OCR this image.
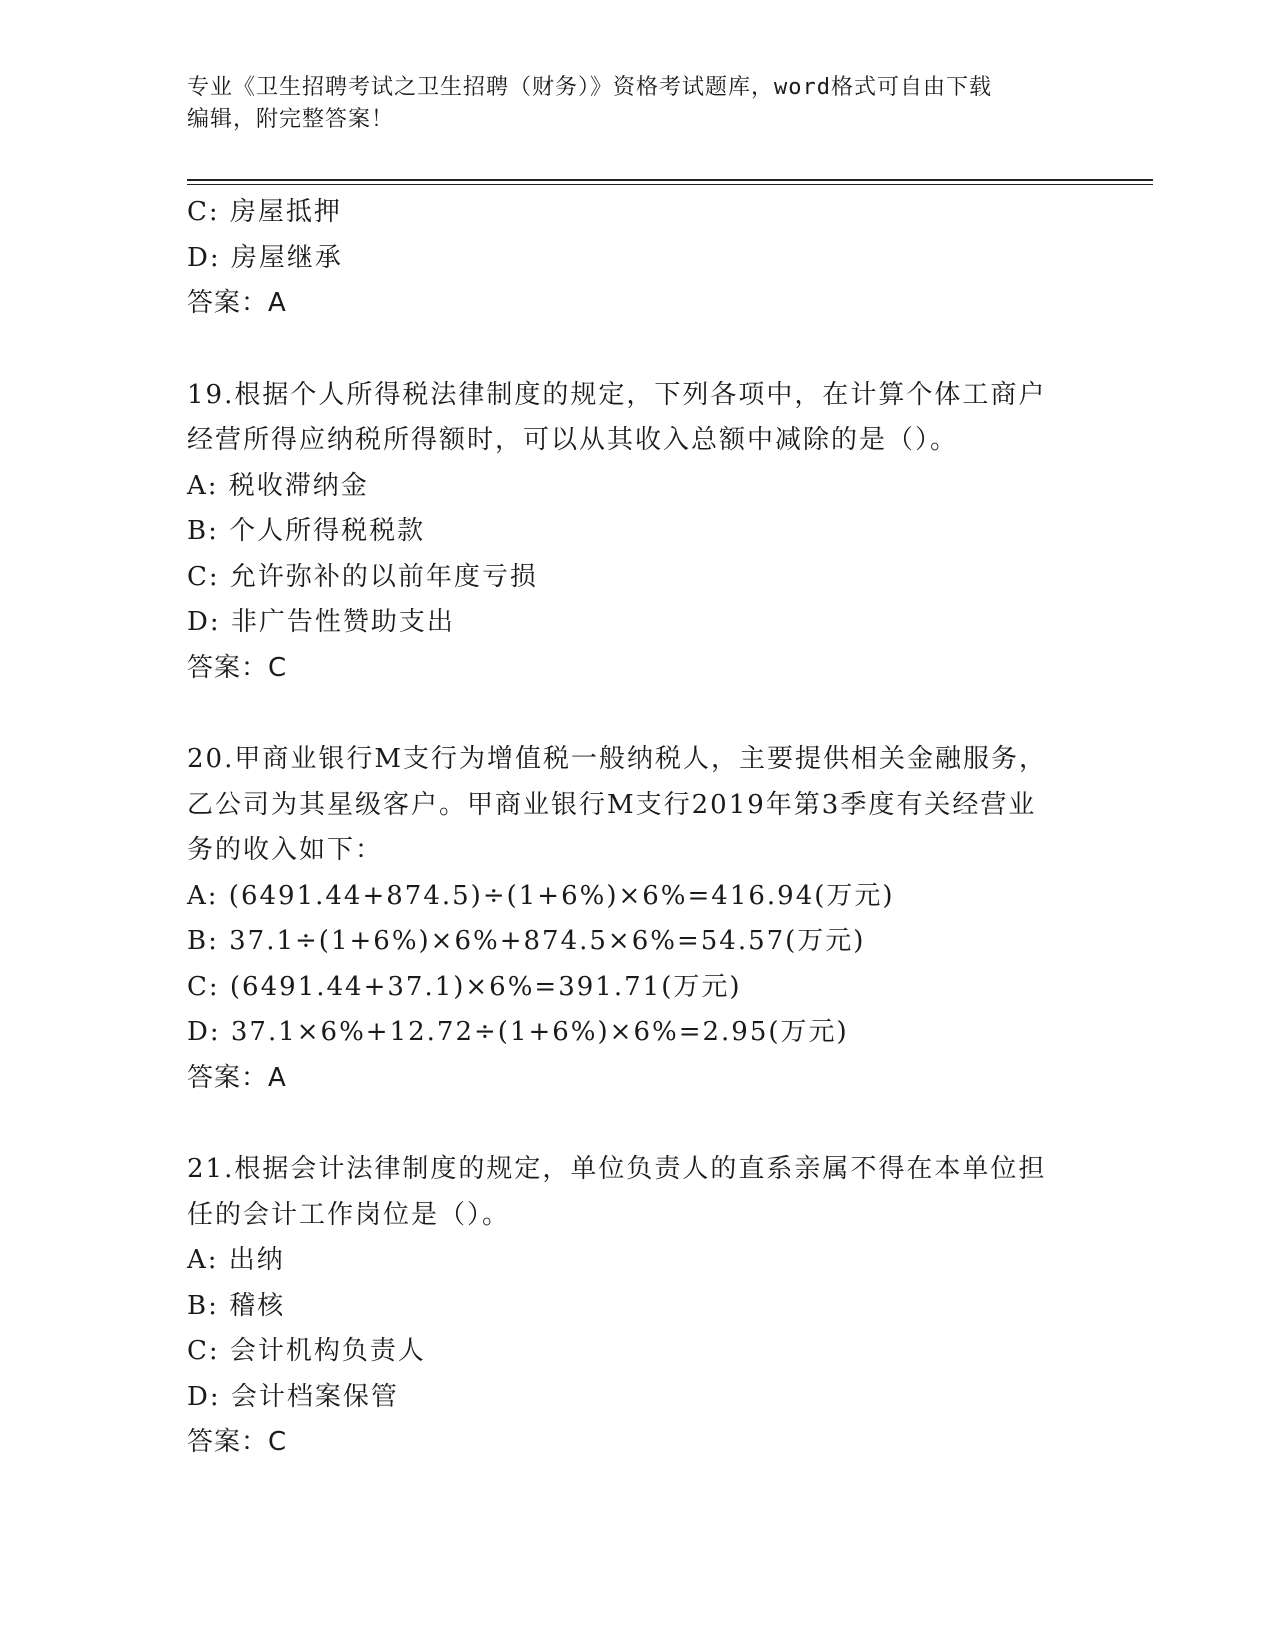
专业《卫生招聘考试之卫生招聘（财务）》资格考试题库，word格式可自由下载
编辑，附完整答案！
C: 房屋抵押
D: 房屋继承
答案：A
19.根据个人所得税法律制度的规定，下列各项中，在计算个体工商户
经营所得应纳税所得额时，可以从其收入总额中减除的是（）。
A: 税收滞纳金
B: 个人所得税税款
C: 允许弥补的以前年度亏损
D: 非广告性赞助支出
答案：C
20.甲商业银行M支行为增值税一般纳税人，主要提供相关金融服务，
乙公司为其星级客户。甲商业银行M支行2019年第3季度有关经营业
务的收入如下：
A: (6491.44+874.5)÷(1+6%)×6%=416.94(万元)
B: 37.1÷(1+6%)×6%+874.5×6%=54.57(万元)
C: (6491.44+37.1)×6%=391.71(万元)
D: 37.1×6%+12.72÷(1+6%)×6%=2.95(万元)
答案：A
21.根据会计法律制度的规定，单位负责人的直系亲属不得在本单位担
任的会计工作岗位是（）。
A: 出纳
B: 稽核
C: 会计机构负责人
D: 会计档案保管
答案：C
